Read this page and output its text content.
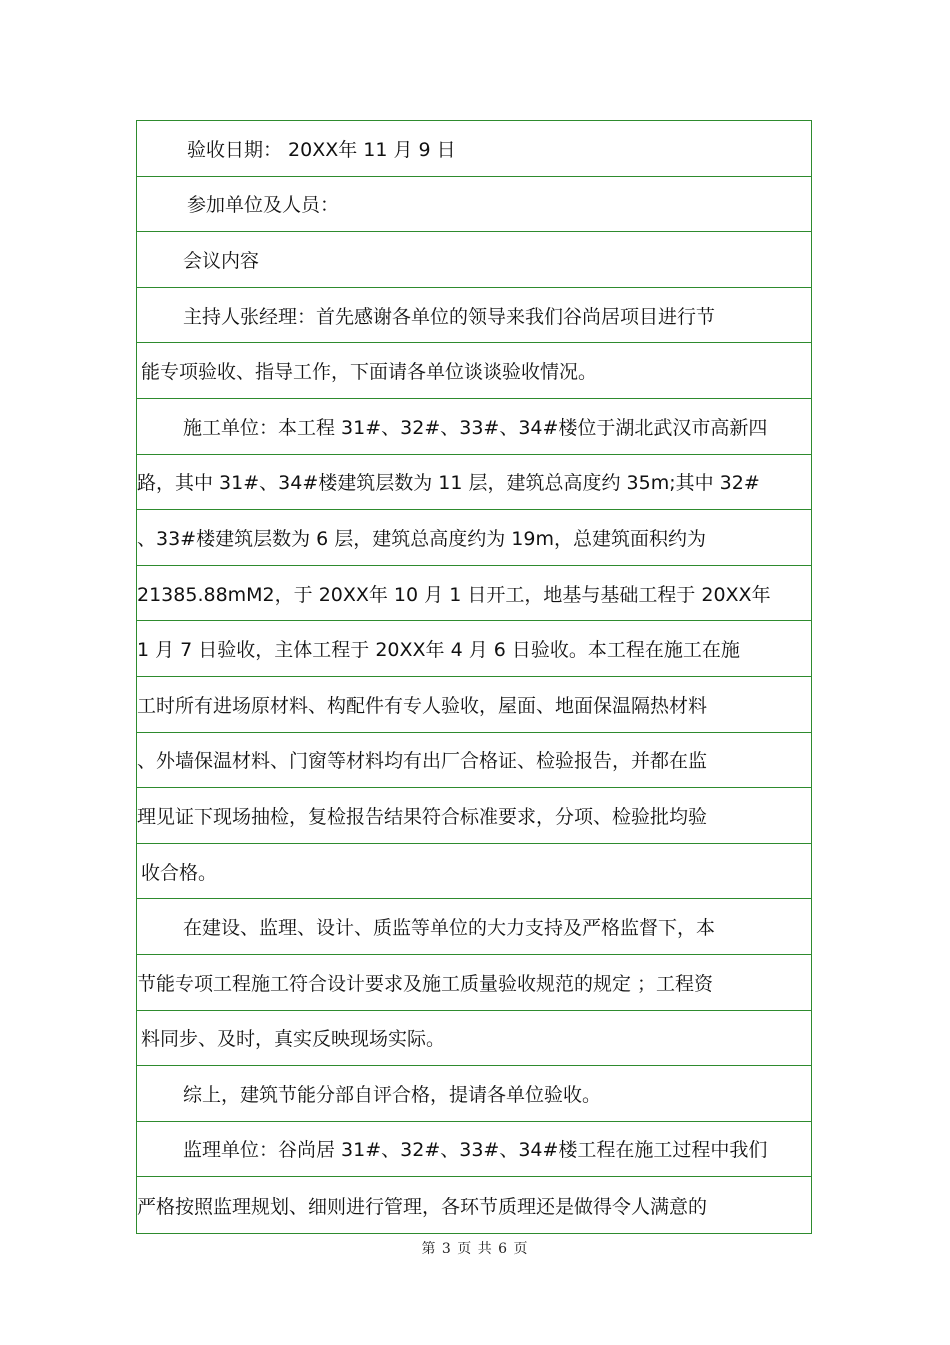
验收日期： 20XX年 11 月 9 日
参加单位及人员：
会议内容
主持人张经理：首先感谢各单位的领导来我们谷尚居项目进行节
能专项验收、指导工作，下面请各单位谈谈验收情况。
施工单位：本工程 31#、32#、33#、34#楼位于湖北武汉市高新四
路，其中 31#、34#楼建筑层数为 11 层，建筑总高度约 35m;其中 32#
、33#楼建筑层数为 6 层，建筑总高度约为 19m，总建筑面积约为
21385.88mM2，于 20XX年 10 月 1 日开工，地基与基础工程于 20XX年
1 月 7 日验收，主体工程于 20XX年 4 月 6 日验收。本工程在施工在施
工时所有进场原材料、构配件有专人验收，屋面、地面保温隔热材料
、外墙保温材料、门窗等材料均有出厂合格证、检验报告，并都在监
理见证下现场抽检，复检报告结果符合标准要求，分项、检验批均验
收合格。
在建设、监理、设计、质监等单位的大力支持及严格监督下，本
节能专项工程施工符合设计要求及施工质量验收规范的规定 ；工程资
料同步、及时，真实反映现场实际。
综上，建筑节能分部自评合格，提请各单位验收。
监理单位：谷尚居 31#、32#、33#、34#楼工程在施工过程中我们
严格按照监理规划、细则进行管理，各环节质理还是做得令人满意的
第 3 页 共 6 页
